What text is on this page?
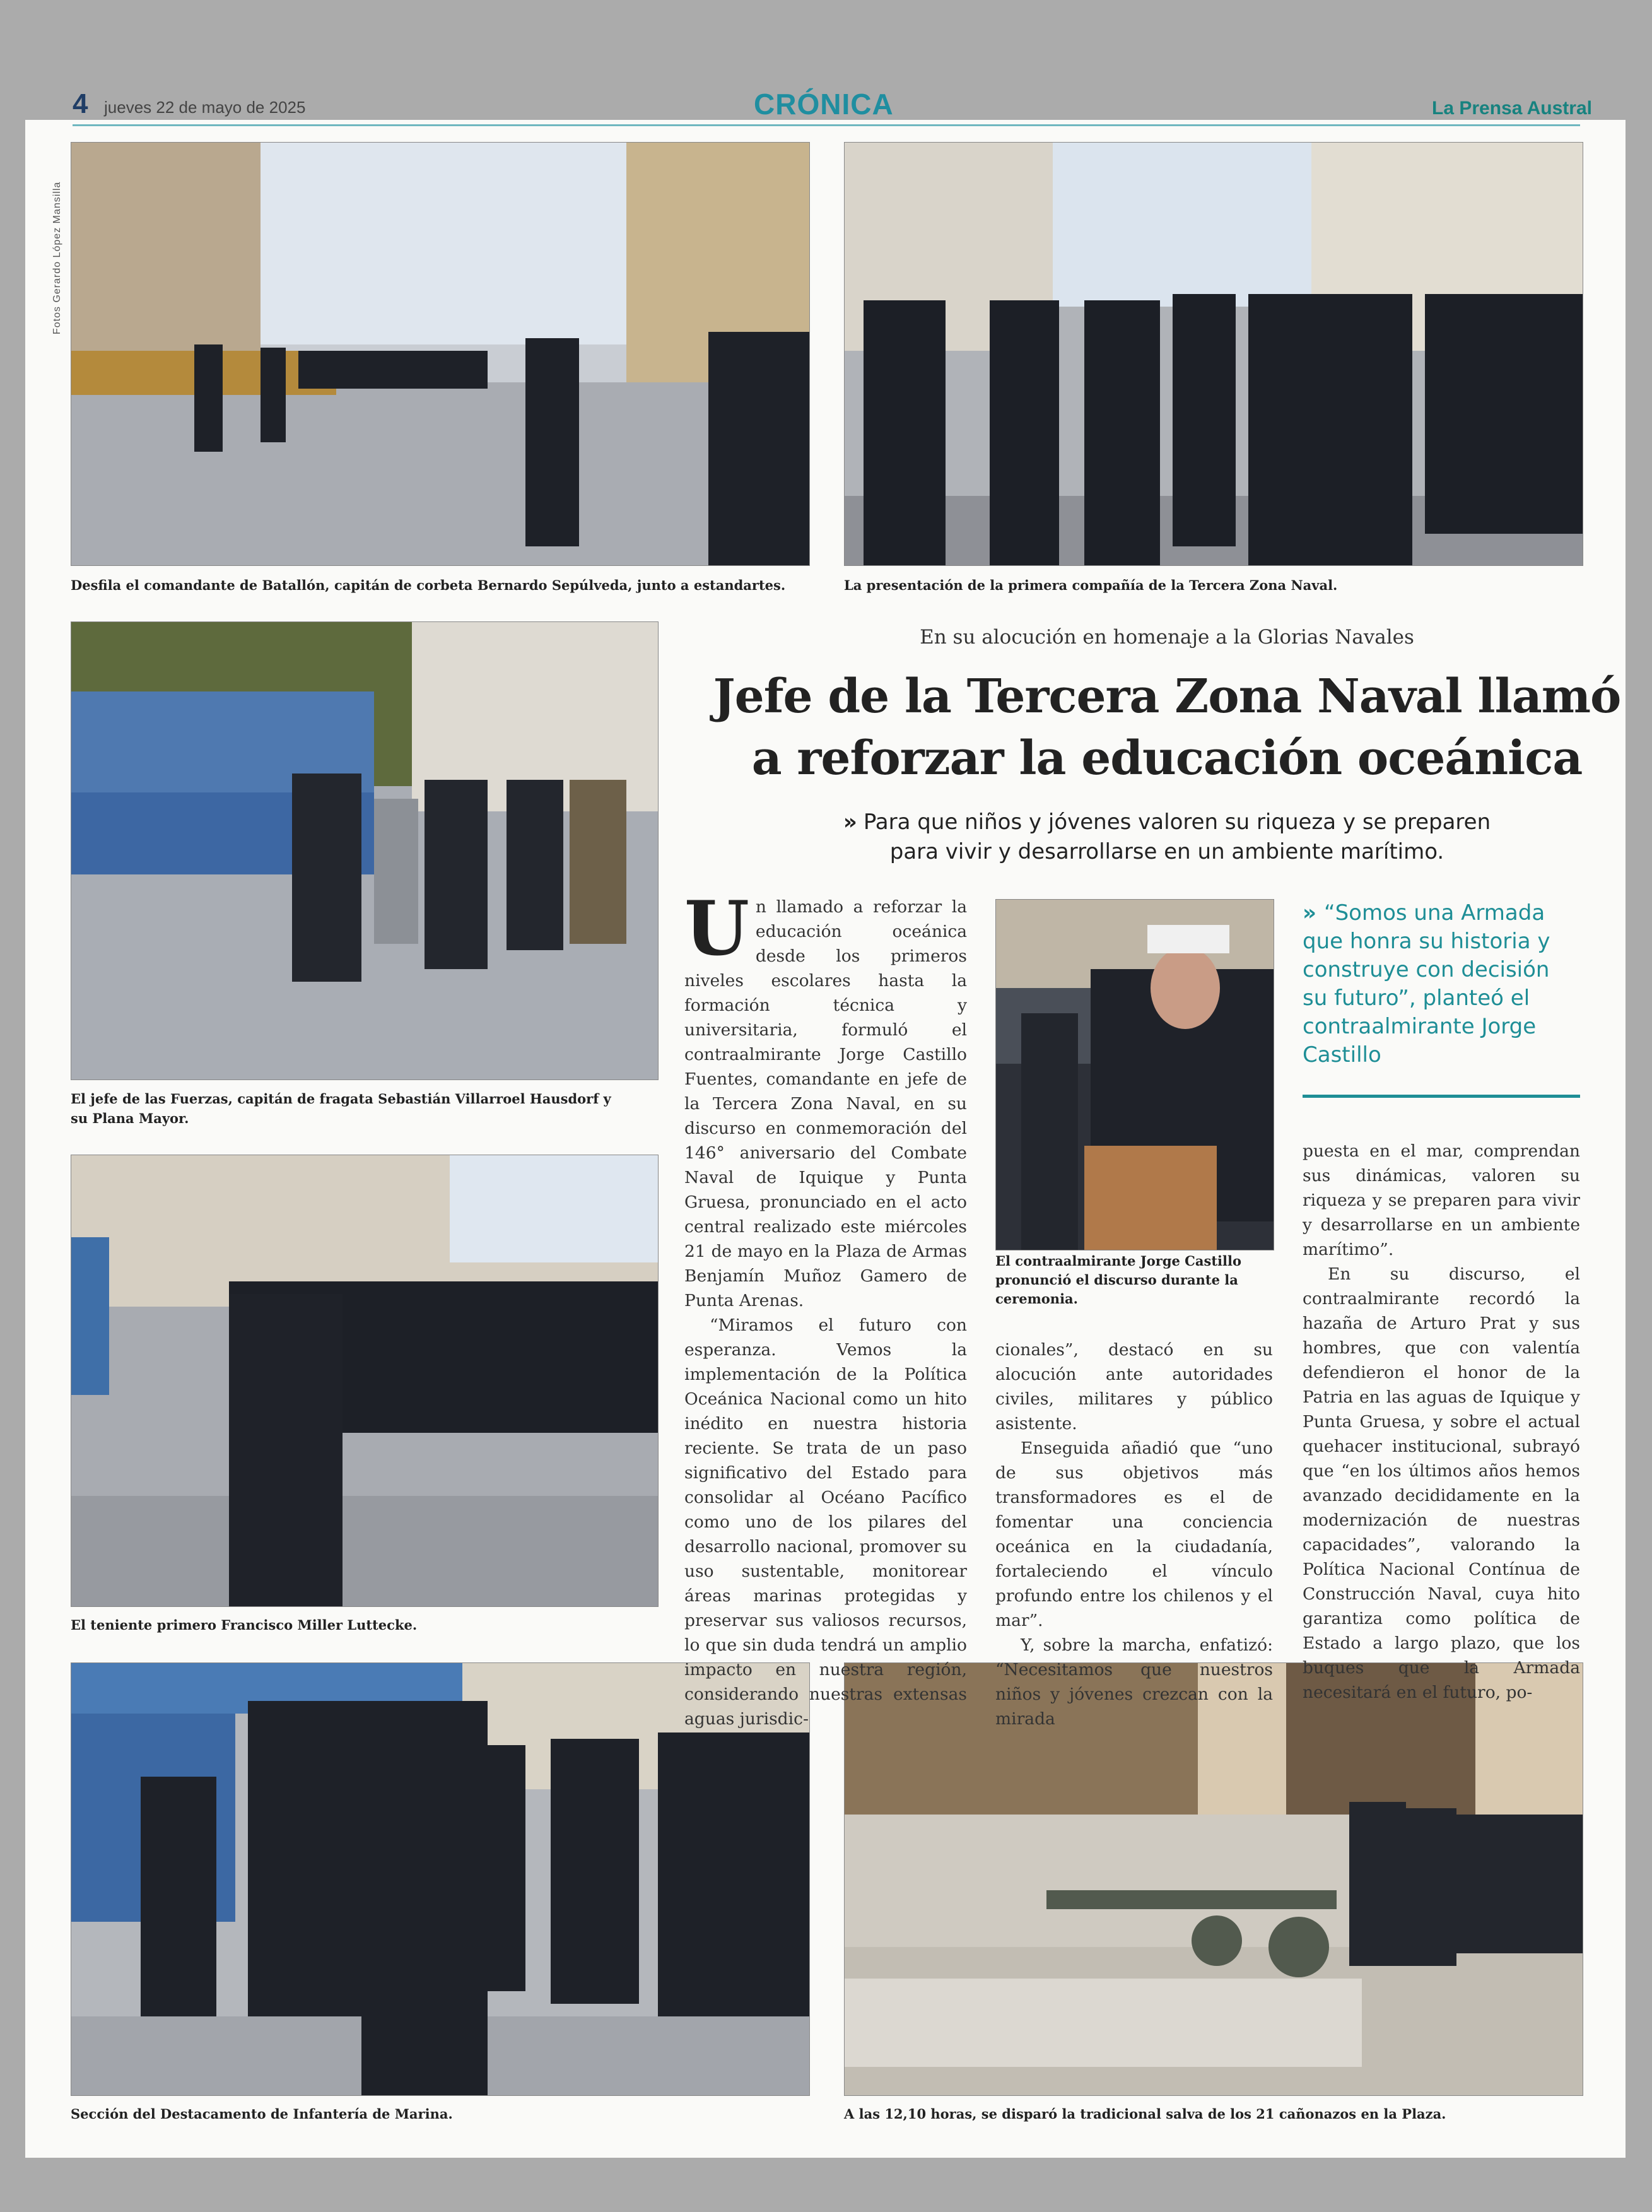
4 jueves 22 de mayo de 2025	CRÓNICA	La Prensa Austral
Fotos Gerardo López Mansilla
Desfila el comandante de Batallón, capitán de corbeta Bernardo Sepúlveda, junto a estandartes.	La presentación de la primera compañía de la Tercera Zona Naval.
El jefe de las Fuerzas, capitán de fragata Sebastián Villarroel Hausdorf y
su Plana Mayor.
El teniente primero Francisco Miller Luttecke.
El contraalmirante Jorge Castillo
pronunció el discurso durante la
ceremonia.
Sección del Destacamento de Infantería de Marina.	A las 12,10 horas, se disparó la tradicional salva de los 21 cañonazos en la Plaza.
En su alocución en homenaje a la Glorias Navales
Jefe de la Tercera Zona Naval llamó
a reforzar la educación oceánica
» Para que niños y jóvenes valoren su riqueza y se preparen
para vivir y desarrollarse en un ambiente marítimo.

Un llamado a reforzar la educación oceánica desde los primeros niveles escolares hasta la formación técnica y universitaria, formuló el contraalmirante Jorge Castillo Fuentes, comandante en jefe de la Tercera Zona Naval, en su discurso en conmemoración del 146° aniversario del Combate Naval de Iquique y Punta Gruesa, pronunciado en el acto central realizado este miércoles 21 de mayo en la Plaza de Armas Benjamín Muñoz Gamero de Punta Arenas.

“Miramos el futuro con esperanza. Vemos la implementación de la Política Oceánica Nacional como un hito inédito en nuestra historia reciente. Se trata de un paso significativo del Estado para consolidar al Océano Pacífico como uno de los pilares del desarrollo nacional, promover su uso sustentable, monitorear áreas marinas protegidas y preservar sus valiosos recursos, lo que sin duda tendrá un amplio impacto en nuestra región, considerando nuestras extensas aguas jurisdic-

cionales”, destacó en su alocución ante autoridades civiles, militares y público asistente.

Enseguida añadió que “uno de sus objetivos más transformadores es el de fomentar una conciencia oceánica en la ciudadanía, fortaleciendo el vínculo profundo entre los chilenos y el mar”.

Y, sobre la marcha, enfatizó: “Necesitamos que nuestros niños y jóvenes crezcan con la mirada

» “Somos una Armada que honra su historia y construye con decisión su futuro”, planteó el contraalmirante Jorge Castillo

puesta en el mar, comprendan sus dinámicas, valoren su riqueza y se preparen para vivir y desarrollarse en un ambiente marítimo”.

En su discurso, el contraalmirante recordó la hazaña de Arturo Prat y sus hombres, que con valentía defendieron el honor de la Patria en las aguas de Iquique y Punta Gruesa, y sobre el actual quehacer institucional, subrayó que “en los últimos años hemos avanzado decididamente en la modernización de nuestras capacidades”, valorando la Política Nacional Contínua de Construcción Naval, cuya hito garantiza como política de Estado a largo plazo, que los buques que la Armada necesitará en el futuro, po-
